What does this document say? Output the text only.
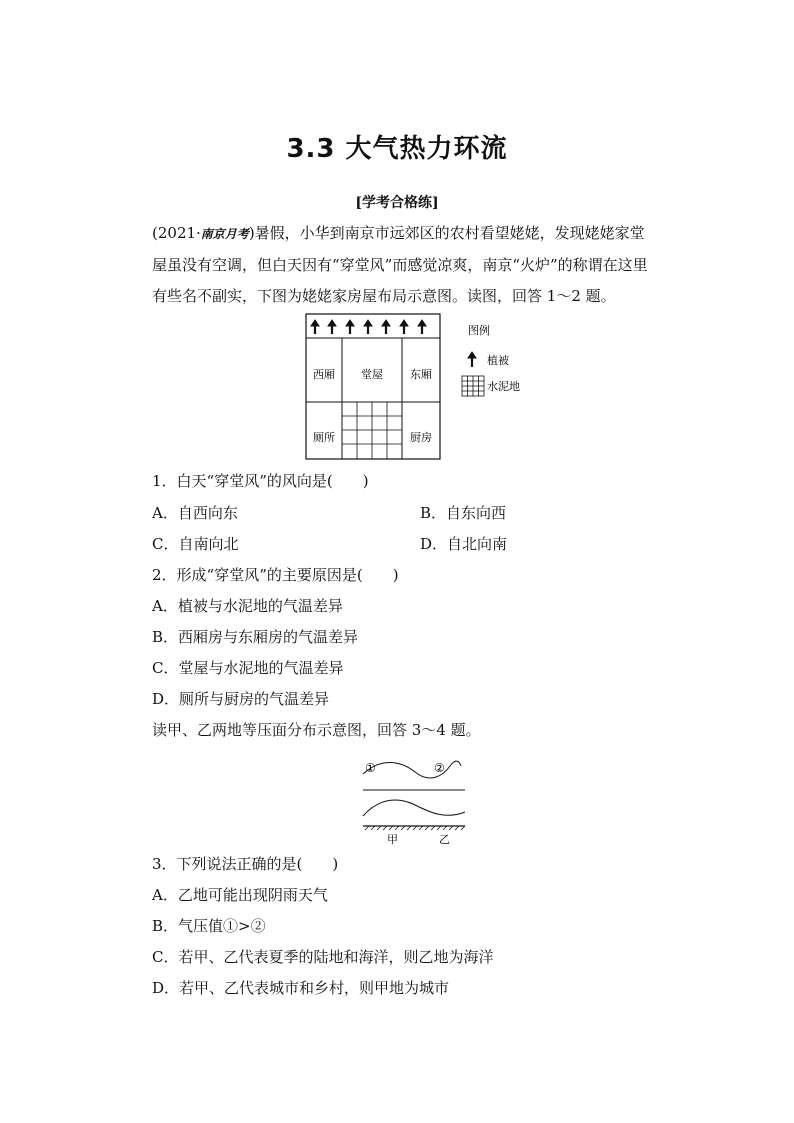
3.3 大气热力环流
[学考合格练]
(2021·南京月考)暑假，小华到南京市远郊区的农村看望姥姥，发现姥姥家堂屋虽没有空调，但白天因有“穿堂风”而感觉凉爽，南京“火炉”的称谓在这里有些名不副实，下图为姥姥家房屋布局示意图。读图，回答 1～2 题。
西厢 堂屋 东厢
厕所	厨房
图例
植被
水泥地
1．白天“穿堂风”的风向是(　　)
A．自西向东	B．自东向西
C．自南向北	D．自北向南
2．形成“穿堂风”的主要原因是(　　)
A．植被与水泥地的气温差异
B．西厢房与东厢房的气温差异
C．堂屋与水泥地的气温差异
D．厕所与厨房的气温差异
读甲、乙两地等压面分布示意图，回答 3～4 题。
①	②
甲	乙
3．下列说法正确的是(　　)
A．乙地可能出现阴雨天气
B．气压值①>②
C．若甲、乙代表夏季的陆地和海洋，则乙地为海洋
D．若甲、乙代表城市和乡村，则甲地为城市
